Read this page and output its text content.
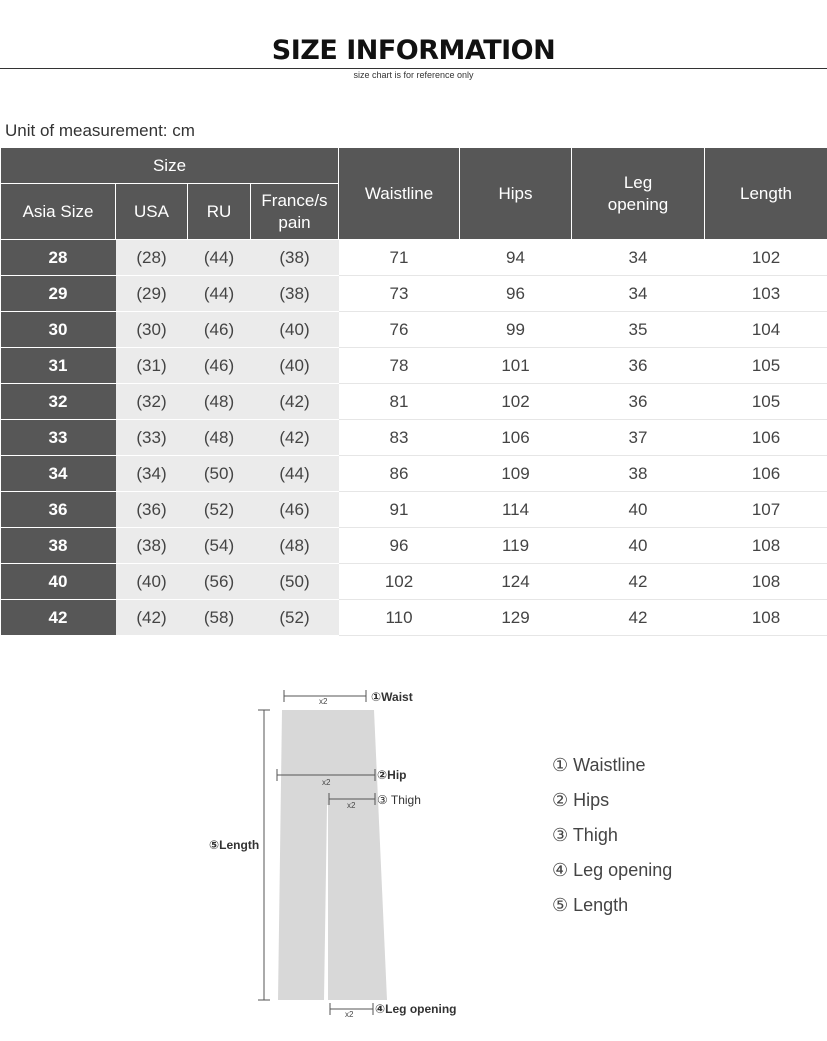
SIZE INFORMATION
size chart is for reference only
Unit of measurement: cm
Size				Waistline	Hips	Leg opening	Length
Asia Size	USA	RU	France/s pain				
28	(28)	(44)	(38)	71	94	34	102
29	(29)	(44)	(38)	73	96	34	103
30	(30)	(46)	(40)	76	99	35	104
31	(31)	(46)	(40)	78	101	36	105
32	(32)	(48)	(42)	81	102	36	105
33	(33)	(48)	(42)	83	106	37	106
34	(34)	(50)	(44)	86	109	38	106
36	(36)	(52)	(46)	91	114	40	107
38	(38)	(54)	(48)	96	119	40	108
40	(40)	(56)	(50)	102	124	42	108
42	(42)	(58)	(52)	110	129	42	108
x2
x2
x2
x2
①Waist
②Hip
③ Thigh
⑤Length
④Leg opening
① Waistline
② Hips
③ Thigh
④ Leg opening
⑤ Length
